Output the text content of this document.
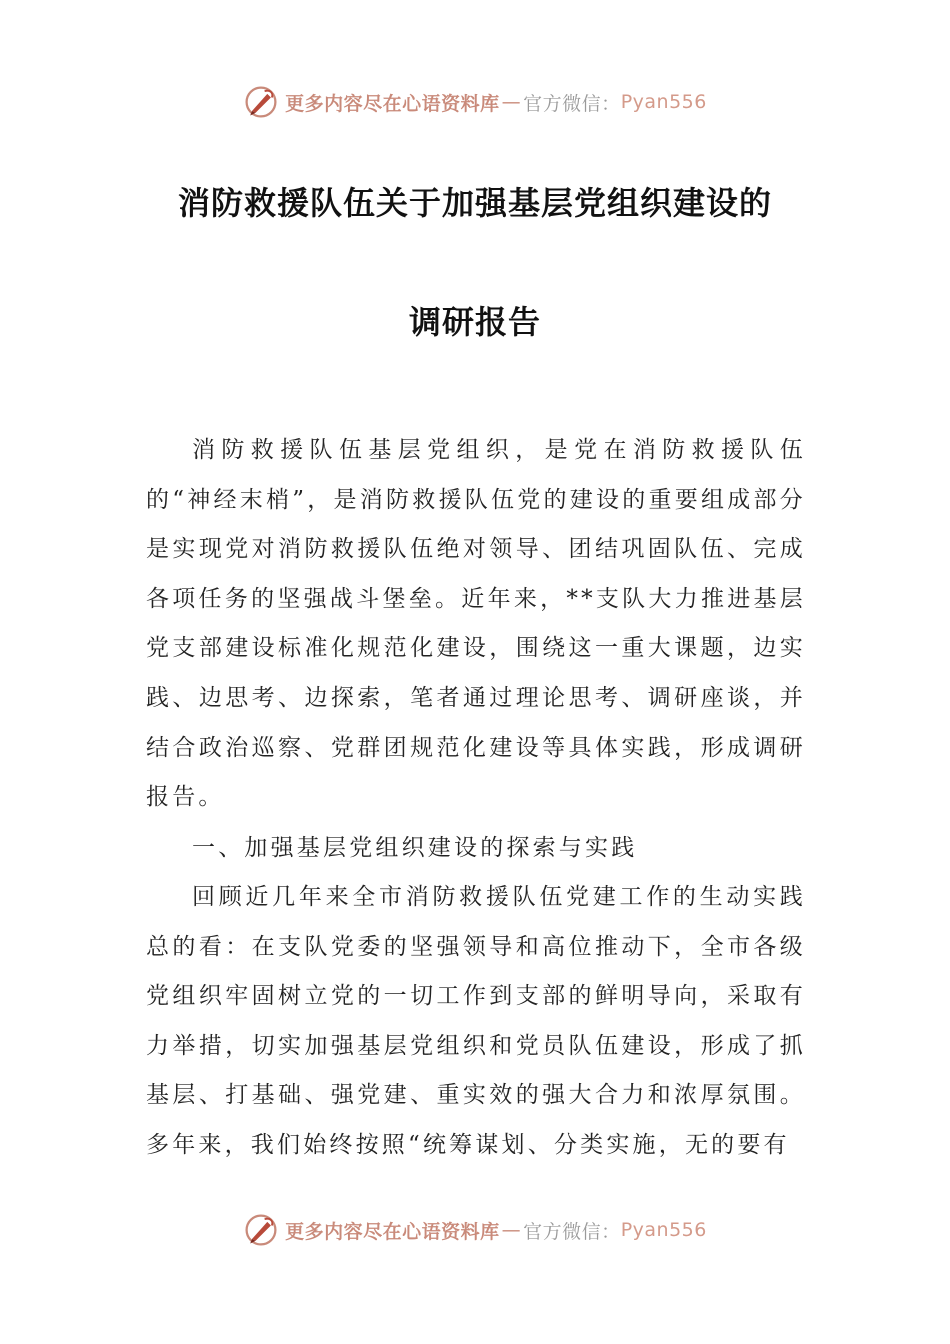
更多内容尽在心语资料库 — 官方微信： Pyan556
消防救援队伍关于加强基层党组织建设的
调研报告

消防救援队伍基层党组织，是党在消防救援队伍的“神经末梢”，是消防救援队伍党的建设的重要组成部分是实现党对消防救援队伍绝对领导、团结巩固队伍、完成各项任务的坚强战斗堡垒。近年来，**支队大力推进基层党支部建设标准化规范化建设，围绕这一重大课题，边实践、边思考、边探索，笔者通过理论思考、调研座谈，并结合政治巡察、党群团规范化建设等具体实践，形成调研报告。

一、加强基层党组织建设的探索与实践

回顾近几年来全市消防救援队伍党建工作的生动实践总的看：在支队党委的坚强领导和高位推动下，全市各级党组织牢固树立党的一切工作到支部的鲜明导向，采取有力举措，切实加强基层党组织和党员队伍建设，形成了抓基层、打基础、强党建、重实效的强大合力和浓厚氛围。多年来，我们始终按照“统筹谋划、分类实施，无的要有

更多内容尽在心语资料库 — 官方微信： Pyan556
